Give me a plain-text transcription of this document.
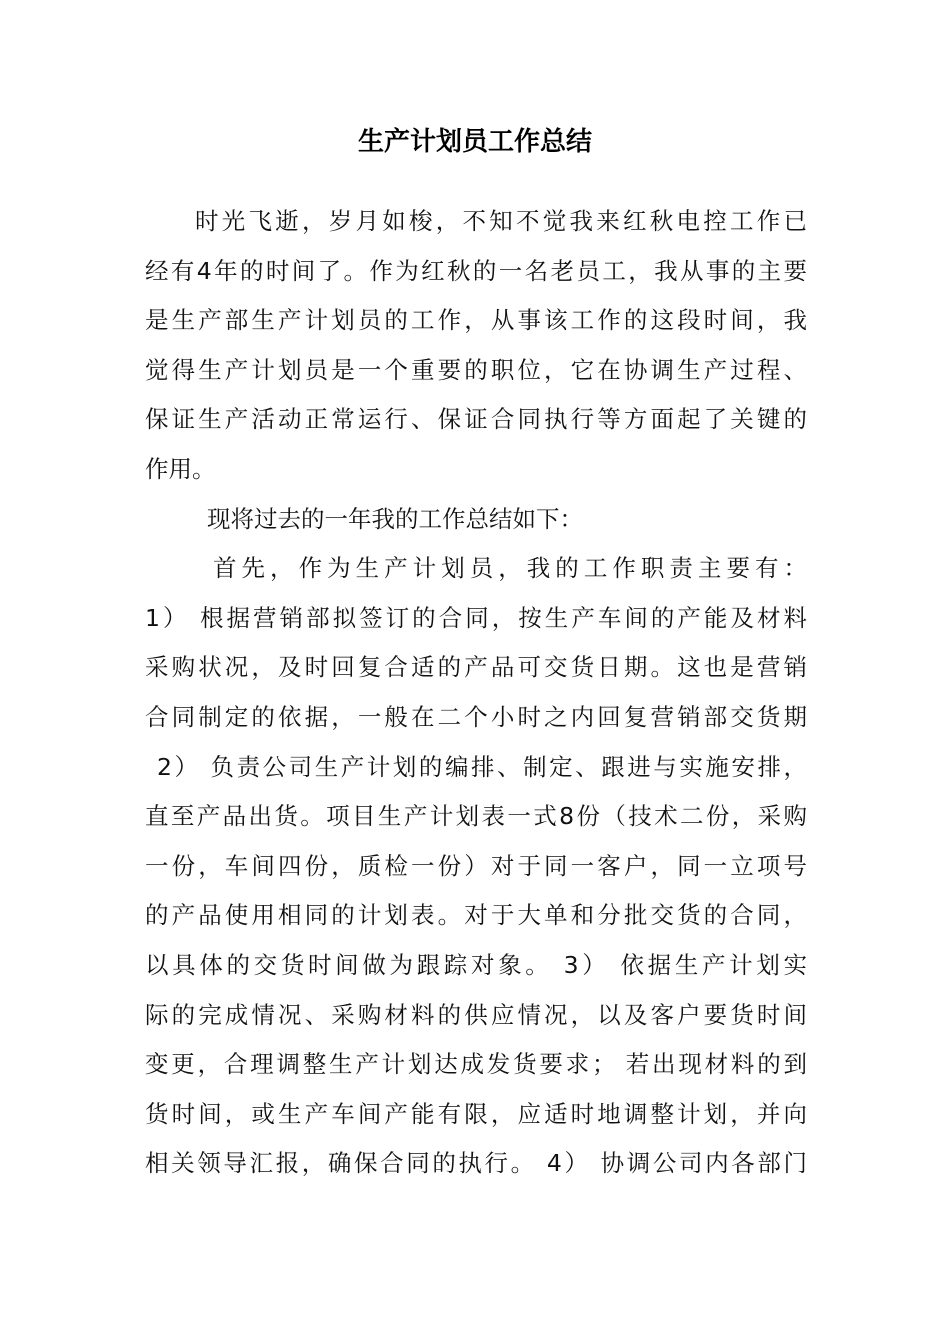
生产计划员工作总结
时光飞逝，岁月如梭，不知不觉我来红秋电控工作已
经有4年的时间了。作为红秋的一名老员工，我从事的主要
是生产部生产计划员的工作，从事该工作的这段时间，我
觉得生产计划员是一个重要的职位，它在协调生产过程、
保证生产活动正常运行、保证合同执行等方面起了关键的
作用。
现将过去的一年我的工作总结如下：
首先，作为生产计划员，我的工作职责主要有：
1） 根据营销部拟签订的合同，按生产车间的产能及材料
采购状况，及时回复合适的产品可交货日期。这也是营销
合同制定的依据，一般在二个小时之内回复营销部交货期
2） 负责公司生产计划的编排、制定、跟进与实施安排，
直至产品出货。项目生产计划表一式8份（技术二份，采购
一份，车间四份，质检一份）对于同一客户，同一立项号
的产品使用相同的计划表。对于大单和分批交货的合同，
以具体的交货时间做为跟踪对象。 3） 依据生产计划实
际的完成情况、采购材料的供应情况，以及客户要货时间
变更，合理调整生产计划达成发货要求； 若出现材料的到
货时间，或生产车间产能有限，应适时地调整计划，并向
相关领导汇报，确保合同的执行。 4） 协调公司内各部门
